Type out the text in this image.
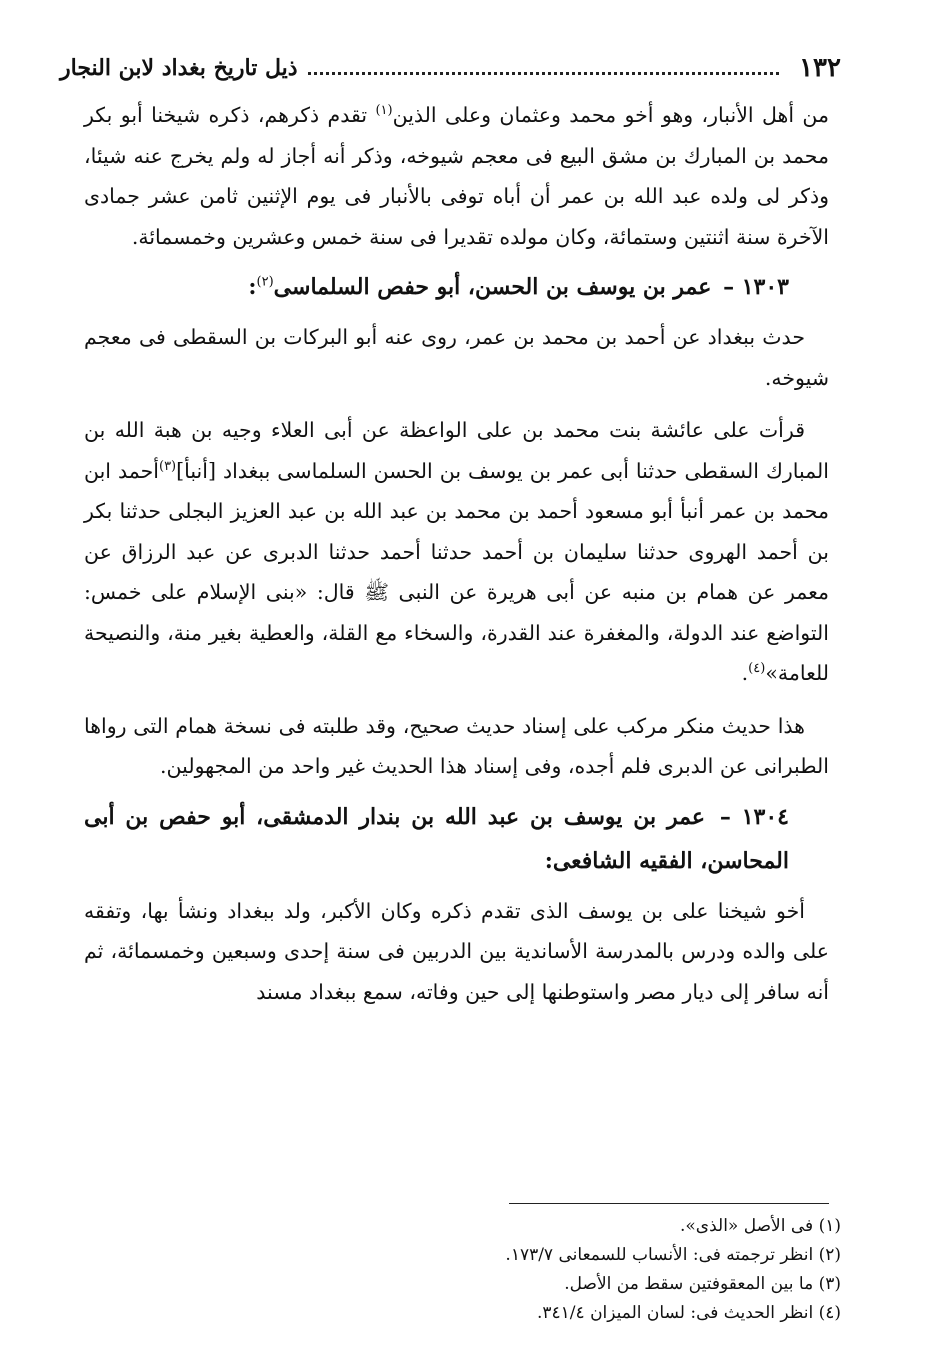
١٣٢
ذيل تاريخ بغداد لابن النجار

من أهل الأنبار، وهو أخو محمد وعثمان وعلى الذين$^{(١)}$ تقدم ذكرهم، ذكره شيخنا أبو بكر محمد بن المبارك بن مشق البيع فى معجم شيوخه، وذكر أنه أجاز له ولم يخرج عنه شيئا، وذكر لى ولده عبد الله بن عمر أن أباه توفى بالأنبار فى يوم الإثنين ثامن عشر جمادى الآخرة سنة اثنتين وستمائة، وكان مولده تقديرا فى سنة خمس وعشرين وخمسمائة.

١٣٠٣ – عمر بن يوسف بن الحسن، أبو حفص السلماسى$^{(٢)}$:

حدث ببغداد عن أحمد بن محمد بن عمر، روى عنه أبو البركات بن السقطى فى معجم شيوخه.

قرأت على عائشة بنت محمد بن على الواعظة عن أبى العلاء وجيه بن هبة الله بن المبارك السقطى حدثنا أبى عمر بن يوسف بن الحسن السلماسى ببغداد [أنبأ]$^{(٣)}$أحمد ابن محمد بن عمر أنبأ أبو مسعود أحمد بن محمد بن عبد الله بن عبد العزيز البجلى حدثنا بكر بن أحمد الهروى حدثنا سليمان بن أحمد حدثنا أحمد حدثنا الدبرى عن عبد الرزاق عن معمر عن همام بن منبه عن أبى هريرة عن النبى ﷺ قال: «بنى الإسلام على خمس: التواضع عند الدولة، والمغفرة عند القدرة، والسخاء مع القلة، والعطية بغير منة، والنصيحة للعامة»$^{(٤)}$.

هذا حديث منكر مركب على إسناد حديث صحيح، وقد طلبته فى نسخة همام التى رواها الطبرانى عن الدبرى فلم أجده، وفى إسناد هذا الحديث غير واحد من المجهولين.

١٣٠٤ – عمر بن يوسف بن عبد الله بن بندار الدمشقى، أبو حفص بن أبى المحاسن، الفقيه الشافعى:

أخو شيخنا على بن يوسف الذى تقدم ذكره وكان الأكبر، ولد ببغداد ونشأ بها، وتفقه على والده ودرس بالمدرسة الأساندية بين الدربين فى سنة إحدى وسبعين وخمسمائة، ثم أنه سافر إلى ديار مصر واستوطنها إلى حين وفاته، سمع ببغداد مسند

(١) فى الأصل «الذى».
(٢) انظر ترجمته فى: الأنساب للسمعانى ١٧٣/٧.
(٣) ما بين المعقوفتين سقط من الأصل.
(٤) انظر الحديث فى: لسان الميزان ٣٤١/٤.
